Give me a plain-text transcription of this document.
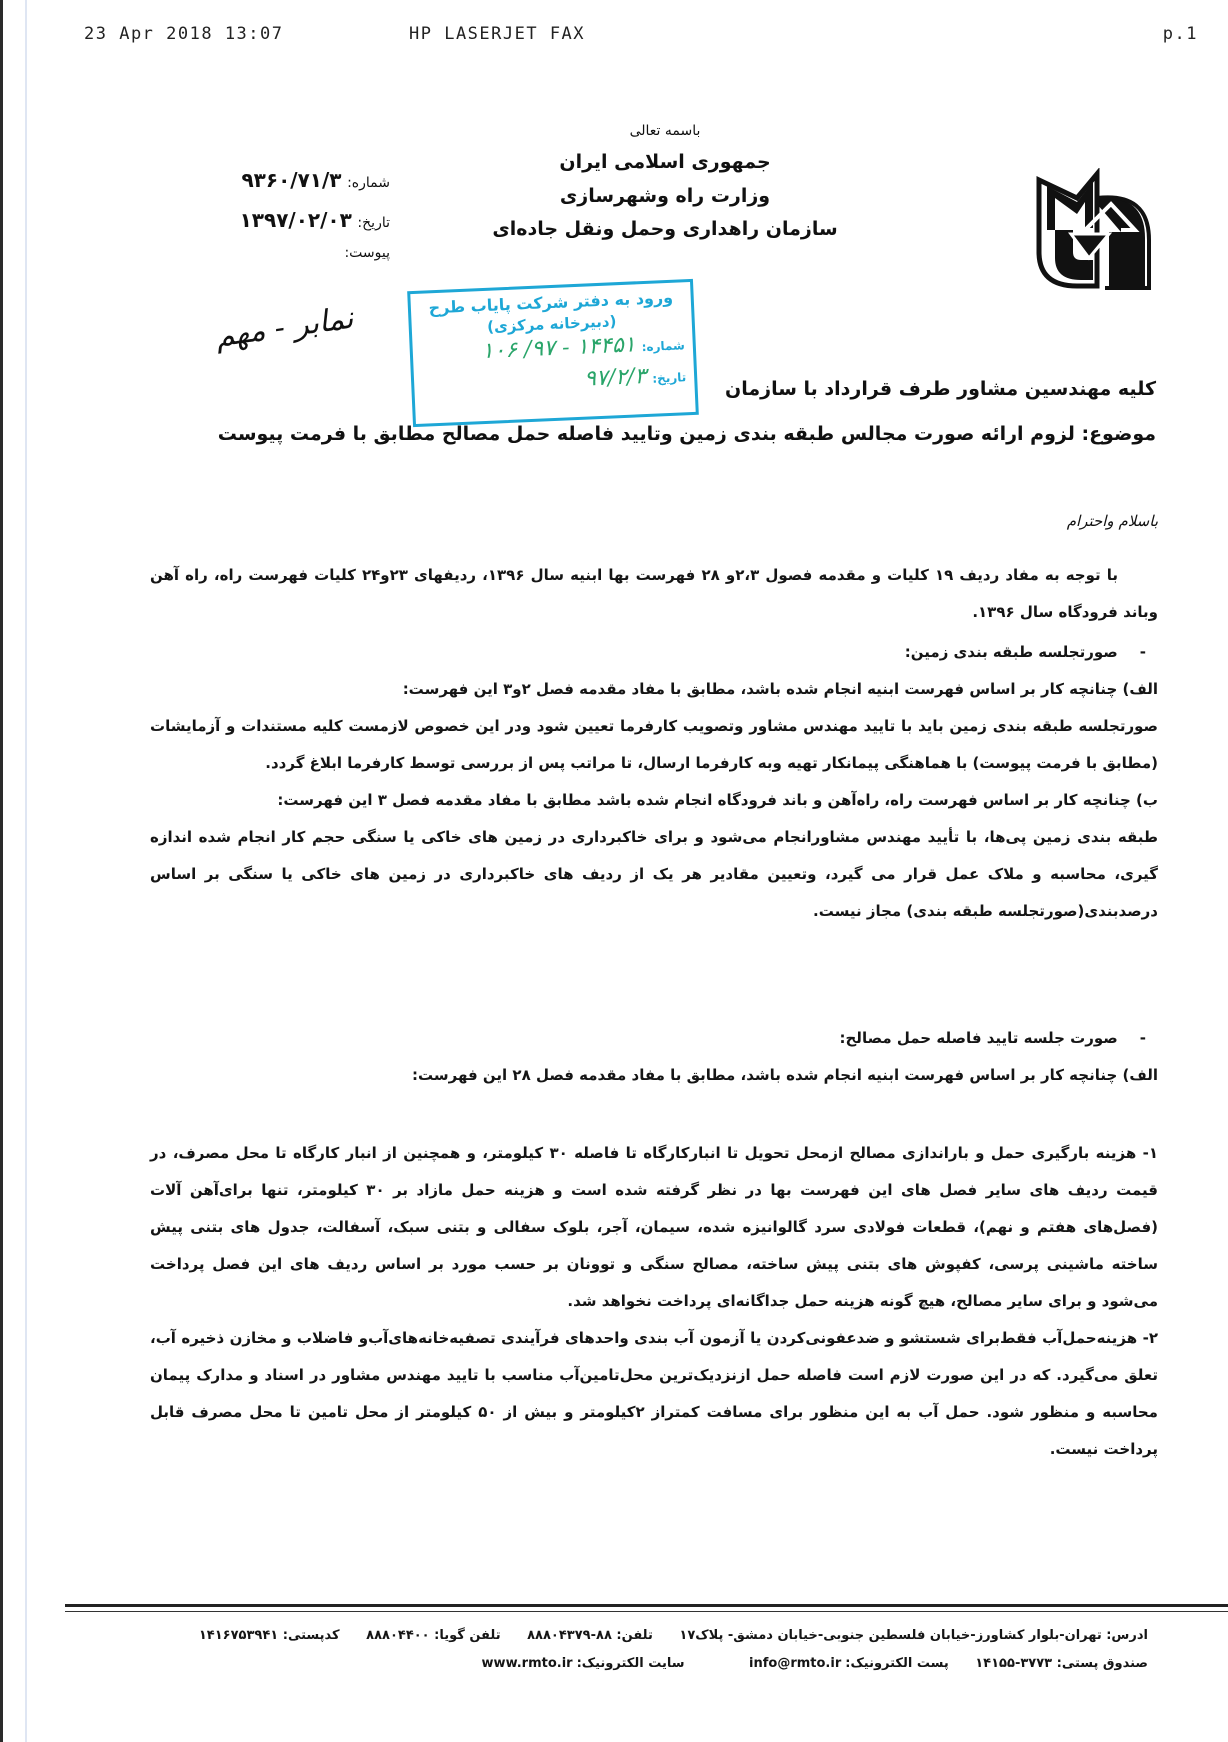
23 Apr 2018 13:07	HP LASERJET FAX	p.1
باسمه تعالی
جمهوری اسلامی ایران
وزارت راه وشهرسازی
سازمان راهداری وحمل ونقل جاده‌ای
شماره: ۹۳۶۰/۷۱/۳
تاریخ: ۱۳۹۷/۰۲/۰۳
پیوست:
نمابر - مهم	ورود به دفتر شرکت پایاب طرح
(دبیرخانه مرکزی)
شماره:۱۴۴۵۱ - ۹۷/ ۱۰۶
تاریخ:۹۷/۲/۳	کلیه مهندسین مشاور طرف قرارداد با سازمان
موضوع: لزوم ارائه صورت مجالس طبقه بندی زمین وتایید فاصله حمل مصالح مطابق با فرمت پیوست
باسلام واحترام
با توجه به مفاد ردیف ۱۹ کلیات و مقدمه فصول ۲،۳و ۲۸ فهرست بها ابنیه سال ۱۳۹۶، ردیفهای ۲۳و۲۴ کلیات فهرست راه، راه آهن وباند فرودگاه سال ۱۳۹۶.
-صورتجلسه طبقه بندی زمین:
الف) چنانچه کار بر اساس فهرست ابنیه انجام شده باشد، مطابق با مفاد مقدمه فصل ۲و۳ این فهرست:
صورتجلسه طبقه بندی زمین باید با تایید مهندس مشاور وتصویب کارفرما تعیین شود ودر این خصوص لازمست کلیه مستندات و آزمایشات (مطابق با فرمت پیوست) با هماهنگی پیمانکار تهیه وبه کارفرما ارسال، تا مراتب پس از بررسی توسط کارفرما ابلاغ گردد.
ب) چنانچه کار بر اساس فهرست راه، راه‌آهن و باند فرودگاه انجام شده باشد مطابق با مفاد مقدمه فصل ۳ این فهرست:
طبقه بندی زمین پی‌ها، با تأیید مهندس مشاورانجام می‌شود و برای خاکبرداری در زمین های خاکی یا سنگی حجم کار انجام شده اندازه گیری، محاسبه و ملاک عمل قرار می گیرد، وتعیین مقادیر هر یک از ردیف های خاکبرداری در زمین های خاکی یا سنگی بر اساس درصدبندی(صورتجلسه طبقه بندی) مجاز نیست.
-صورت جلسه تایید فاصله حمل مصالح:
الف) چنانچه کار بر اساس فهرست ابنیه انجام شده باشد، مطابق با مفاد مقدمه فصل ۲۸ این فهرست:
۱- هزینه بارگیری حمل و باراندازی مصالح ازمحل تحویل تا انبارکارگاه تا فاصله ۳۰ کیلومتر، و همچنین از انبار کارگاه تا محل مصرف، در قیمت ردیف های سایر فصل های این فهرست بها در نظر گرفته شده است و هزینه حمل مازاد بر ۳۰ کیلومتر، تنها برای‌آهن آلات (فصل‌های هفتم و نهم)، قطعات فولادی سرد گالوانیزه شده، سیمان، آجر، بلوک سفالی و بتنی سبک، آسفالت، جدول های بتنی پیش ساخته ماشینی پرسی، کفپوش های بتنی پیش ساخته، مصالح سنگی و توونان بر حسب مورد بر اساس ردیف های این فصل پرداخت می‌شود و برای سایر مصالح، هیچ گونه هزینه حمل جداگانه‌ای پرداخت نخواهد شد.
۲- هزینه‌حمل‌آب فقط‌برای شستشو و ضدعفونی‌کردن یا آزمون آب بندی واحدهای فرآیندی تصفیه‌خانه‌های‌آب‌و فاضلاب و مخازن ذخیره آب، تعلق می‌گیرد. که در این صورت لازم است فاصله حمل ازنزدیک‌ترین محل‌تامین‌آب مناسب با تایید مهندس مشاور در اسناد و مدارک پیمان محاسبه و منظور شود. حمل آب به این منظور برای مسافت کمتراز ۲کیلومتر و بیش از ۵۰ کیلومتر از محل تامین تا محل مصرف قابل پرداخت نیست.
ادرس: تهران-بلوار کشاورز-خیابان فلسطین جنوبی-خیابان دمشق- پلاک۱۷ تلفن: ۸۸-۸۸۸۰۴۳۷۹ تلفن گویا: ۸۸۸۰۴۴۰۰ کدپستی: ۱۴۱۶۷۵۳۹۴۱
صندوق پستی: ۳۷۷۳-۱۴۱۵۵ پست الکترونیک:info@rmto.ir سایت الکترونیک:www.rmto.ir
